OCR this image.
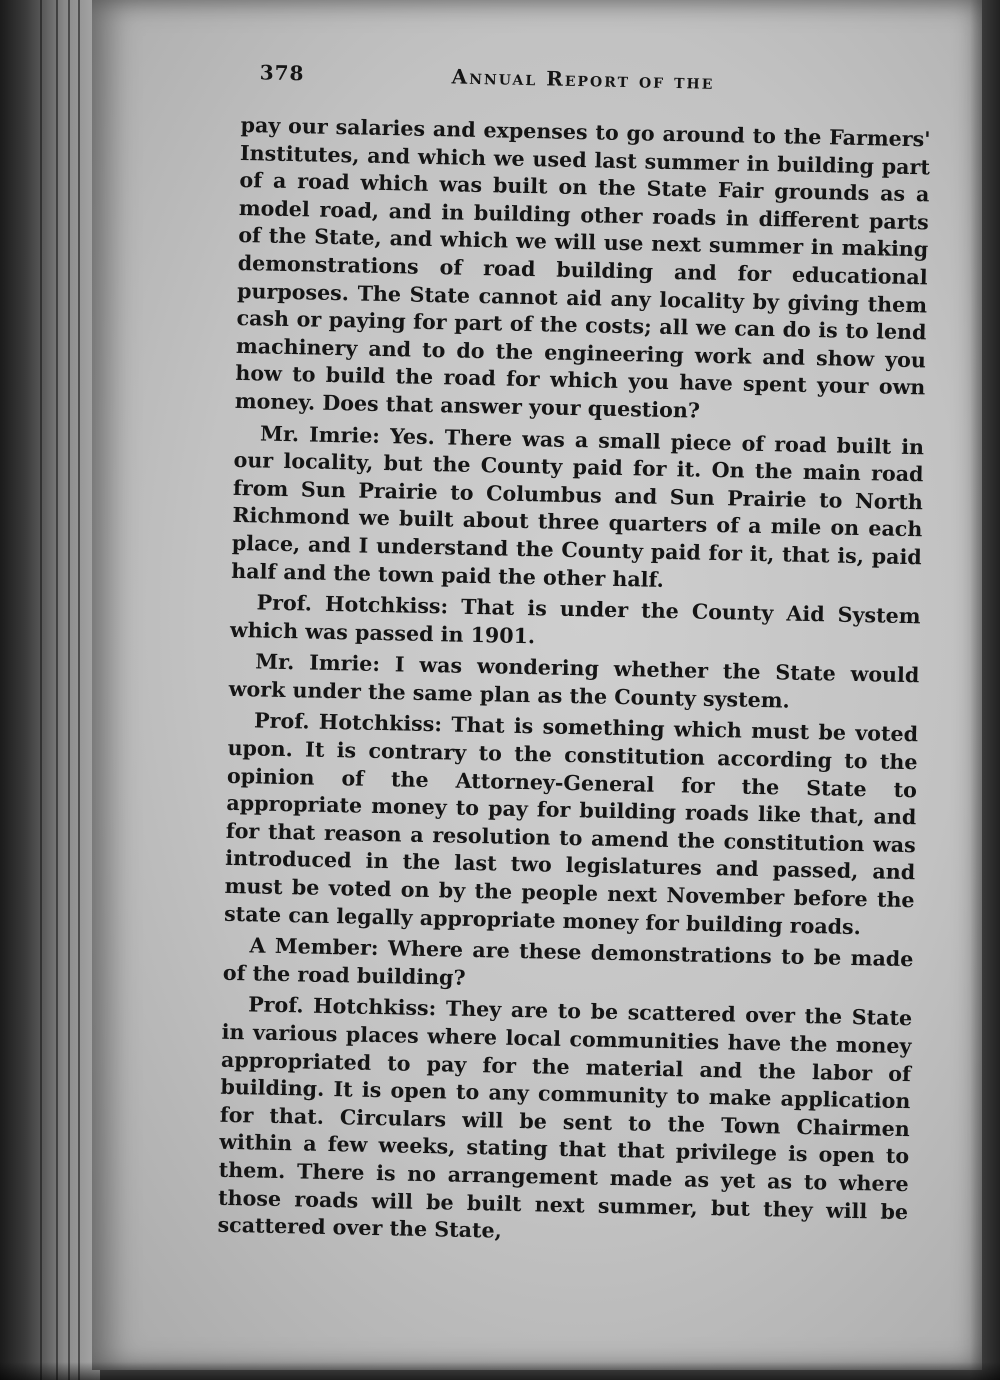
378	Annual Report of the

pay our salaries and expenses to go around to the Farmers' Institutes, and which we used last summer in building part of a road which was built on the State Fair grounds as a model road, and in building other roads in different parts of the State, and which we will use next summer in making demonstrations of road building and for educational purposes. The State cannot aid any locality by giving them cash or paying for part of the costs; all we can do is to lend machinery and to do the engineering work and show you how to build the road for which you have spent your own money. Does that answer your question?

Mr. Imrie: Yes. There was a small piece of road built in our locality, but the County paid for it. On the main road from Sun Prairie to Columbus and Sun Prairie to North Richmond we built about three quarters of a mile on each place, and I understand the County paid for it, that is, paid half and the town paid the other half.

Prof. Hotchkiss: That is under the County Aid System which was passed in 1901.

Mr. Imrie: I was wondering whether the State would work under the same plan as the County system.

Prof. Hotchkiss: That is something which must be voted upon. It is contrary to the constitution according to the opinion of the Attorney-General for the State to appropriate money to pay for building roads like that, and for that reason a resolution to amend the constitution was introduced in the last two legislatures and passed, and must be voted on by the people next November before the state can legally appropriate money for building roads.

A Member: Where are these demonstrations to be made of the road building?

Prof. Hotchkiss: They are to be scattered over the State in various places where local communities have the money appropriated to pay for the material and the labor of building. It is open to any community to make application for that. Circulars will be sent to the Town Chairmen within a few weeks, stating that that privilege is open to them. There is no arrangement made as yet as to where those roads will be built next summer, but they will be scattered over the State,
